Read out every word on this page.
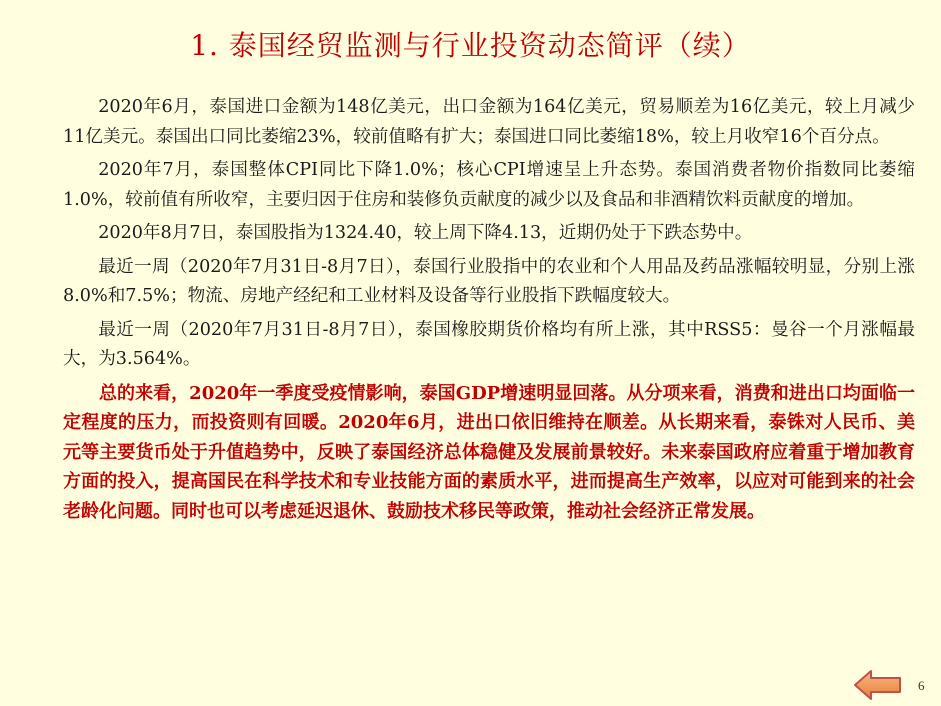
1. 泰国经贸监测与行业投资动态简评（续）

2020年6月，泰国进口金额为148亿美元，出口金额为164亿美元，贸易顺差为16亿美元，较上月减少11亿美元。泰国出口同比萎缩23%，较前值略有扩大；泰国进口同比萎缩18%，较上月收窄16个百分点。

2020年7月，泰国整体CPI同比下降1.0%；核心CPI增速呈上升态势。泰国消费者物价指数同比萎缩1.0%，较前值有所收窄，主要归因于住房和装修负贡献度的减少以及食品和非酒精饮料贡献度的增加。

2020年8月7日，泰国股指为1324.40，较上周下降4.13，近期仍处于下跌态势中。

最近一周（2020年7月31日-8月7日），泰国行业股指中的农业和个人用品及药品涨幅较明显，分别上涨8.0%和7.5%；物流、房地产经纪和工业材料及设备等行业股指下跌幅度较大。

最近一周（2020年7月31日-8月7日），泰国橡胶期货价格均有所上涨，其中RSS5：曼谷一个月涨幅最大，为3.564%。

总的来看，2020年一季度受疫情影响，泰国GDP增速明显回落。从分项来看，消费和进出口均面临一定程度的压力，而投资则有回暖。2020年6月，进出口依旧维持在顺差。从长期来看，泰铢对人民币、美元等主要货币处于升值趋势中，反映了泰国经济总体稳健及发展前景较好。未来泰国政府应着重于增加教育方面的投入，提高国民在科学技术和专业技能方面的素质水平，进而提高生产效率，以应对可能到来的社会老龄化问题。同时也可以考虑延迟退休、鼓励技术移民等政策，推动社会经济正常发展。

6
